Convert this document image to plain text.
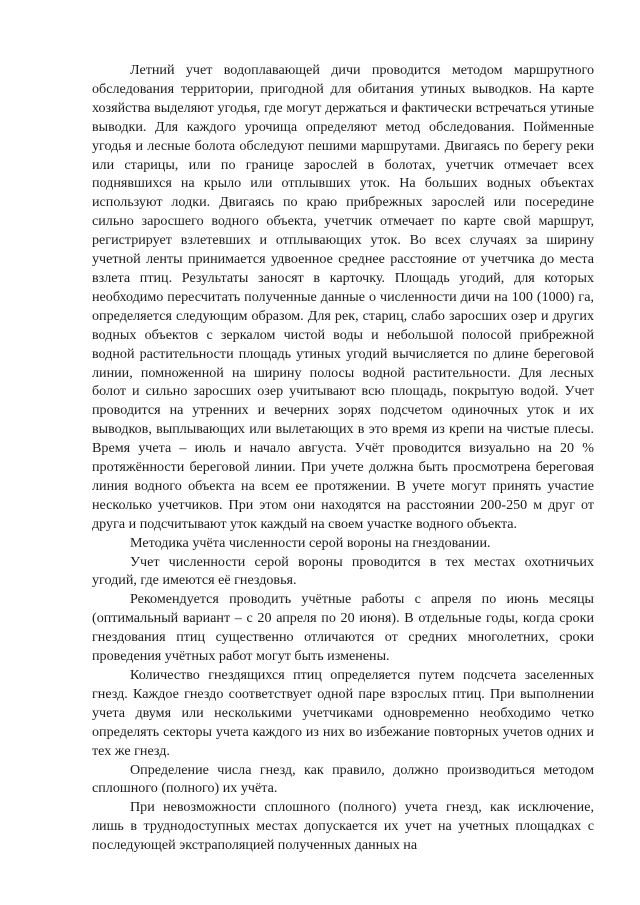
Летний учет водоплавающей дичи проводится методом маршрутного обследования территории, пригодной для обитания утиных выводков. На карте хозяйства выделяют угодья, где могут держаться и фактически встречаться утиные выводки. Для каждого урочища определяют метод обследования. Пойменные угодья и лесные болота обследуют пешими маршрутами. Двигаясь по берегу реки или старицы, или по границе зарослей в болотах, учетчик отмечает всех поднявшихся на крыло или отплывших уток. На больших водных объектах используют лодки. Двигаясь по краю прибрежных зарослей или посередине сильно заросшего водного объекта, учетчик отмечает по карте свой маршрут, регистрирует взлетевших и отплывающих уток. Во всех случаях за ширину учетной ленты принимается удвоенное среднее расстояние от учетчика до места взлета птиц. Результаты заносят в карточку. Площадь угодий, для которых необходимо пересчитать полученные данные о численности дичи на 100 (1000) га, определяется следующим образом. Для рек, стариц, слабо заросших озер и других водных объектов с зеркалом чистой воды и небольшой полосой прибрежной водной растительности площадь утиных угодий вычисляется по длине береговой линии, помноженной на ширину полосы водной растительности. Для лесных болот и сильно заросших озер учитывают всю площадь, покрытую водой. Учет проводится на утренних и вечерних зорях подсчетом одиночных уток и их выводков, выплывающих или вылетающих в это время из крепи на чистые плесы. Время учета – июль и начало августа. Учёт проводится визуально на 20 % протяжённости береговой линии. При учете должна быть просмотрена береговая линия водного объекта на всем ее протяжении. В учете могут принять участие несколько учетчиков. При этом они находятся на расстоянии 200-250 м друг от друга и подсчитывают уток каждый на своем участке водного объекта.

Методика учёта численности серой вороны на гнездовании.

Учет численности серой вороны проводится в тех местах охотничьих угодий, где имеются её гнездовья.

Рекомендуется проводить учётные работы с апреля по июнь месяцы (оптимальный вариант – с 20 апреля по 20 июня). В отдельные годы, когда сроки гнездования птиц существенно отличаются от средних многолетних, сроки проведения учётных работ могут быть изменены.

Количество гнездящихся птиц определяется путем подсчета заселенных гнезд. Каждое гнездо соответствует одной паре взрослых птиц. При выполнении учета двумя или несколькими учетчиками одновременно необходимо четко определять секторы учета каждого из них во избежание повторных учетов одних и тех же гнезд.

Определение числа гнезд, как правило, должно производиться методом сплошного (полного) их учёта.

При невозможности сплошного (полного) учета гнезд, как исключение, лишь в труднодоступных местах допускается их учет на учетных площадках с последующей экстраполяцией полученных данных на
